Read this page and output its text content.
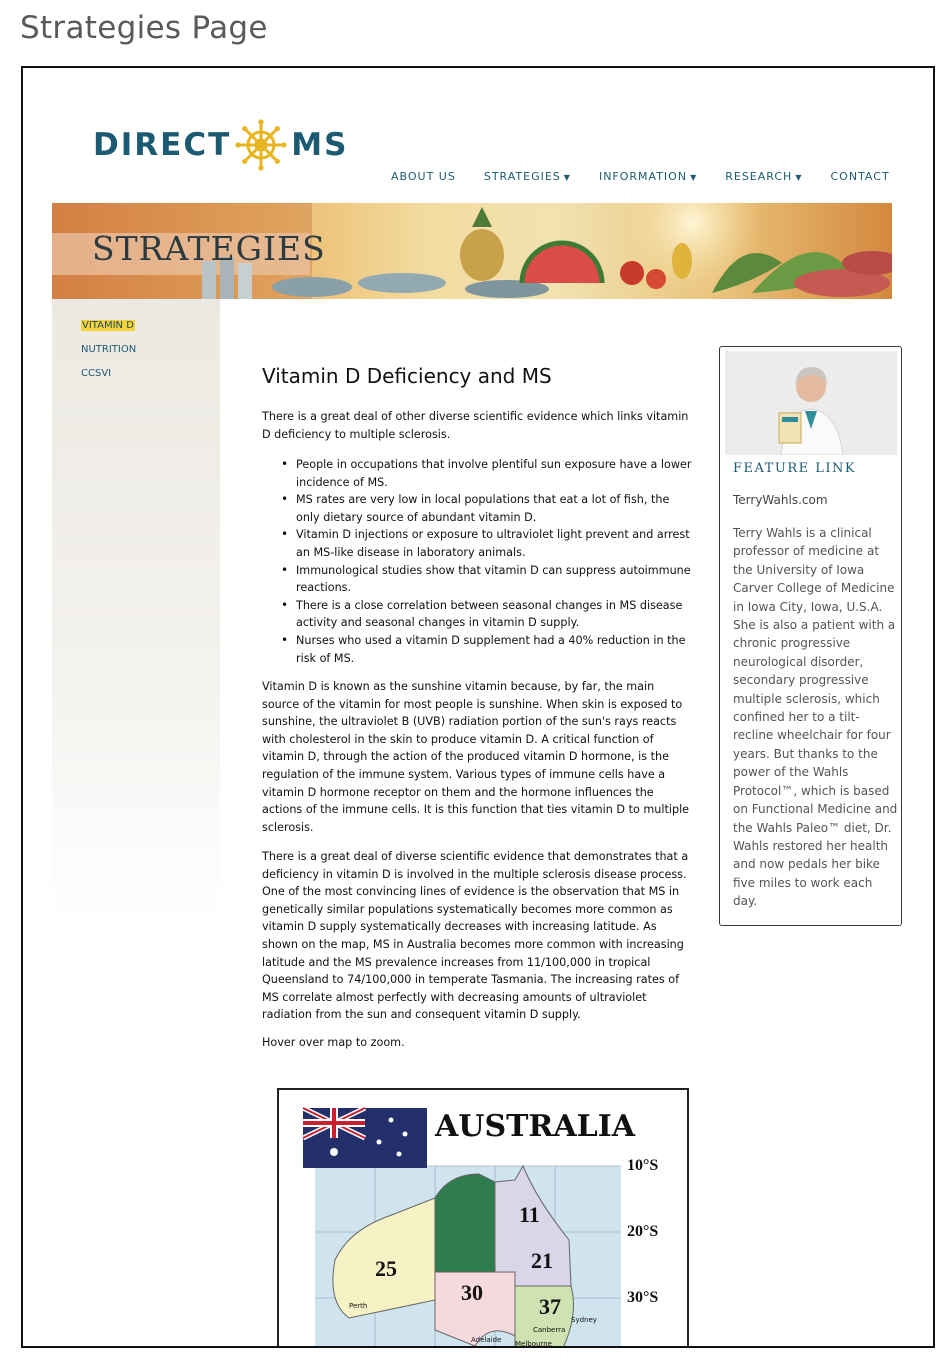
Strategies Page
DIRECT MS
ABOUT US	STRATEGIES ▼	INFORMATION ▼	RESEARCH ▼	CONTACT
STRATEGIES
VITAMIN D
NUTRITION
CCSVI	Vitamin D Deficiency and MS

There is a great deal of other diverse scientific evidence which links vitamin D deficiency to multiple sclerosis.

• People in occupations that involve plentiful sun exposure have a lower incidence of MS.
• MS rates are very low in local populations that eat a lot of fish, the only dietary source of abundant vitamin D.
• Vitamin D injections or exposure to ultraviolet light prevent and arrest an MS-like disease in laboratory animals.
• Immunological studies show that vitamin D can suppress autoimmune reactions.
• There is a close correlation between seasonal changes in MS disease activity and seasonal changes in vitamin D supply.
• Nurses who used a vitamin D supplement had a 40% reduction in the risk of MS.

Vitamin D is known as the sunshine vitamin because, by far, the main source of the vitamin for most people is sunshine. When skin is exposed to sunshine, the ultraviolet B (UVB) radiation portion of the sun's rays reacts with cholesterol in the skin to produce vitamin D. A critical function of vitamin D, through the action of the produced vitamin D hormone, is the regulation of the immune system. Various types of immune cells have a vitamin D hormone receptor on them and the hormone influences the actions of the immune cells. It is this function that ties vitamin D to multiple sclerosis.

There is a great deal of diverse scientific evidence that demonstrates that a deficiency in vitamin D is involved in the multiple sclerosis disease process. One of the most convincing lines of evidence is the observation that MS in genetically similar populations systematically becomes more common as vitamin D supply systematically decreases with increasing latitude. As shown on the map, MS in Australia becomes more common with increasing latitude and the MS prevalence increases from 11/100,000 in tropical Queensland to 74/100,000 in temperate Tasmania. The increasing rates of MS correlate almost perfectly with decreasing amounts of ultraviolet radiation from the sun and consequent vitamin D supply.

Hover over map to zoom.

FEATURE LINK
TerryWahls.com

Terry Wahls is a clinical professor of medicine at the University of Iowa Carver College of Medicine in Iowa City, Iowa, U.S.A. She is also a patient with a chronic progressive neurological disorder, secondary progressive multiple sclerosis, which confined her to a tilt-recline wheelchair for four years. But thanks to the power of the Wahls Protocol™, which is based on Functional Medicine and the Wahls Paleo™ diet, Dr. Wahls restored her health and now pedals her bike five miles to work each day.

AUSTRALIA
10°S
20°S
30°S
11
21
25
30
37
Perth
Sydney
Canberra
Adelaide Melbourne
